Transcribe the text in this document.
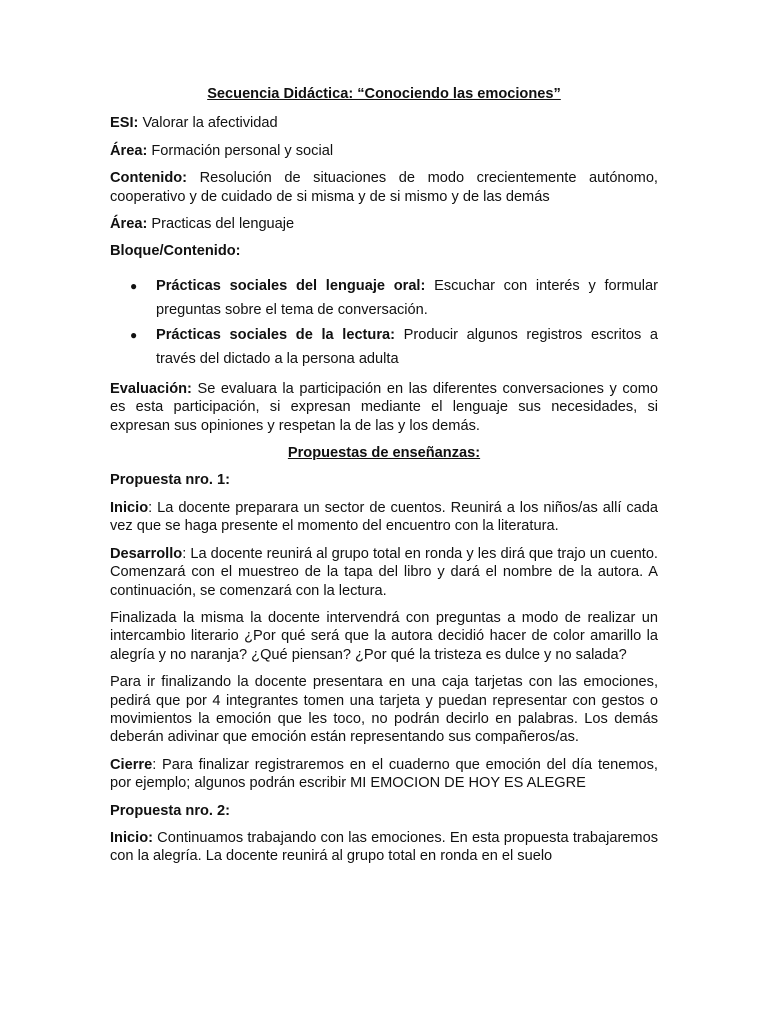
Secuencia Didáctica: “Conociendo las emociones”

ESI: Valorar la afectividad

Área: Formación personal y social

Contenido: Resolución de situaciones de modo crecientemente autónomo, cooperativo y de cuidado de si misma y de si mismo y de las demás

Área: Practicas del lenguaje

Bloque/Contenido:

● Prácticas sociales del lenguaje oral: Escuchar con interés y formular preguntas sobre el tema de conversación.
● Prácticas sociales de la lectura: Producir algunos registros escritos a través del dictado a la persona adulta

Evaluación: Se evaluara la participación en las diferentes conversaciones y como es esta participación, si expresan mediante el lenguaje sus necesidades, si expresan sus opiniones y respetan la de las y los demás.

Propuestas de enseñanzas:

Propuesta nro. 1:

Inicio: La docente preparara un sector de cuentos. Reunirá a los niños/as allí cada vez que se haga presente el momento del encuentro con la literatura.

Desarrollo: La docente reunirá al grupo total en ronda y les dirá que trajo un cuento. Comenzará con el muestreo de la tapa del libro y dará el nombre de la autora. A continuación, se comenzará con la lectura.

Finalizada la misma la docente intervendrá con preguntas a modo de realizar un intercambio literario ¿Por qué será que la autora decidió hacer de color amarillo la alegría y no naranja? ¿Qué piensan? ¿Por qué la tristeza es dulce y no salada?

Para ir finalizando la docente presentara en una caja tarjetas con las emociones, pedirá que por 4 integrantes tomen una tarjeta y puedan representar con gestos o movimientos la emoción que les toco, no podrán decirlo en palabras. Los demás deberán adivinar que emoción están representando sus compañeros/as.

Cierre: Para finalizar registraremos en el cuaderno que emoción del día tenemos, por ejemplo; algunos podrán escribir MI EMOCION DE HOY ES ALEGRE

Propuesta nro. 2:

Inicio: Continuamos trabajando con las emociones. En esta propuesta trabajaremos con la alegría. La docente reunirá al grupo total en ronda en el suelo
